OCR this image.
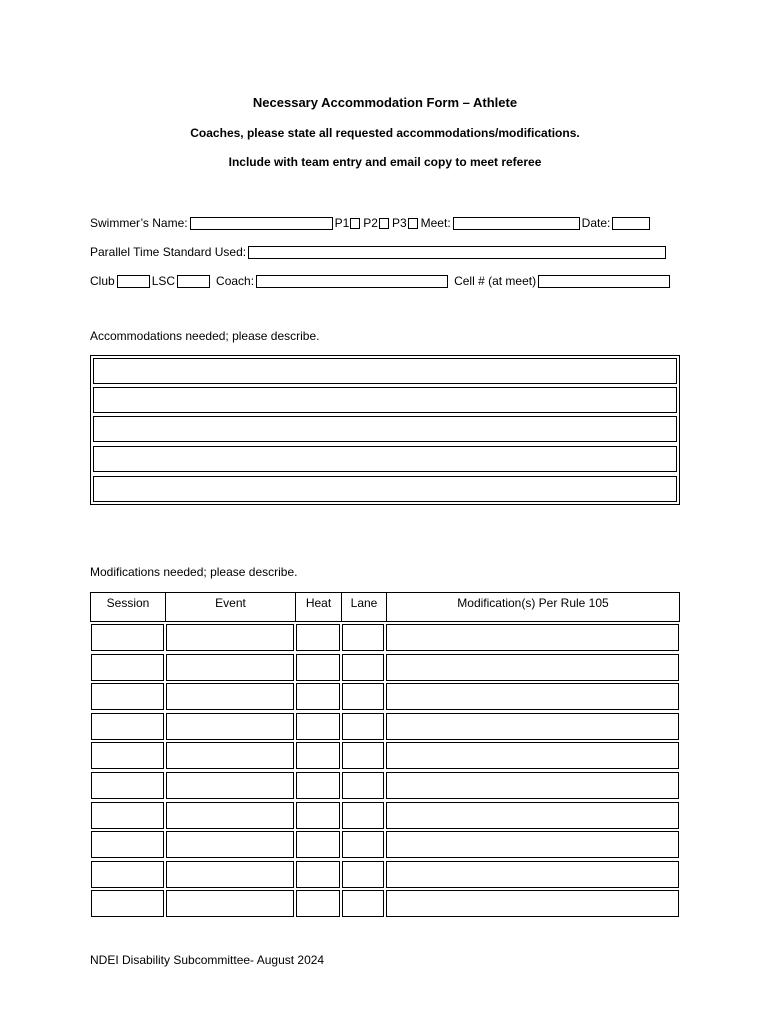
Necessary Accommodation Form – Athlete
Coaches, please state all requested accommodations/modifications.
Include with team entry and email copy to meet referee
Swimmer’s Name:	P1 P2 P3 Meet:	Date:
Parallel Time Standard Used:
Club	LSC	Coach:	Cell # (at meet)
Accommodations needed; please describe.
Modifications needed; please describe.
Session	Event	Heat	Lane	Modification(s) Per Rule 105
NDEI Disability Subcommittee- August 2024
